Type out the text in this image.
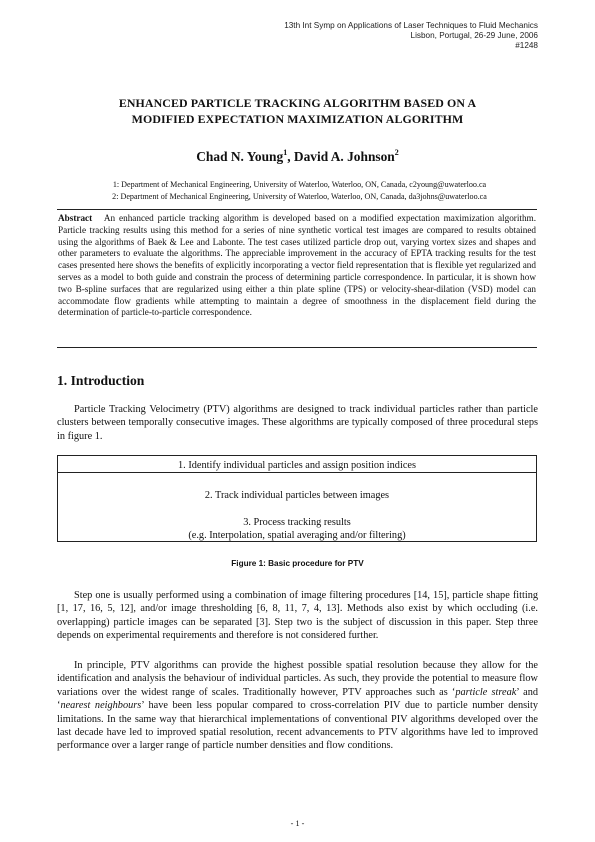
13th Int Symp on Applications of Laser Techniques to Fluid Mechanics
Lisbon, Portugal, 26-29 June, 2006
#1248
ENHANCED PARTICLE TRACKING ALGORITHM BASED ON A
MODIFIED EXPECTATION MAXIMIZATION ALGORITHM
Chad N. Young$^1$, David A. Johnson$^2$
1: Department of Mechanical Engineering, University of Waterloo, Waterloo, ON, Canada, c2young@uwaterloo.ca
2: Department of Mechanical Engineering, University of Waterloo, Waterloo, ON, Canada, da3johns@uwaterloo.ca
Abstract An enhanced particle tracking algorithm is developed based on a modified expectation maximization algorithm. Particle tracking results using this method for a series of nine synthetic vortical test images are compared to results obtained using the algorithms of Baek & Lee and Labonte. The test cases utilized particle drop out, varying vortex sizes and shapes and other parameters to evaluate the algorithms. The appreciable improvement in the accuracy of EPTA tracking results for the test cases presented here shows the benefits of explicitly incorporating a vector field representation that is flexible yet regularized and serves as a model to both guide and constrain the process of determining particle correspondence. In particular, it is shown how two B-spline surfaces that are regularized using either a thin plate spline (TPS) or velocity-shear-dilation (VSD) model can accommodate flow gradients while attempting to maintain a degree of smoothness in the displacement field during the determination of particle-to-particle correspondence.
1. Introduction

Particle Tracking Velocimetry (PTV) algorithms are designed to track individual particles rather than particle clusters between temporally consecutive images. These algorithms are typically composed of three procedural steps in figure 1.

1. Identify individual particles and assign position indices
2. Track individual particles between images
3. Process tracking results
(e.g. Interpolation, spatial averaging and/or filtering)
Figure 1: Basic procedure for PTV

Step one is usually performed using a combination of image filtering procedures [14, 15], particle shape fitting [1, 17, 16, 5, 12], and/or image thresholding [6, 8, 11, 7, 4, 13]. Methods also exist by which occluding (i.e. overlapping) particle images can be separated [3]. Step two is the subject of discussion in this paper. Step three depends on experimental requirements and therefore is not considered further.

In principle, PTV algorithms can provide the highest possible spatial resolution because they allow for the identification and analysis the behaviour of individual particles. As such, they provide the potential to measure flow variations over the widest range of scales. Traditionally however, PTV approaches such as ‘particle streak’ and ‘nearest neighbours’ have been less popular compared to cross-correlation PIV due to particle number density limitations. In the same way that hierarchical implementations of conventional PIV algorithms developed over the last decade have led to improved spatial resolution, recent advancements to PTV algorithms have led to improved performance over a larger range of particle number densities and flow conditions.

- 1 -
